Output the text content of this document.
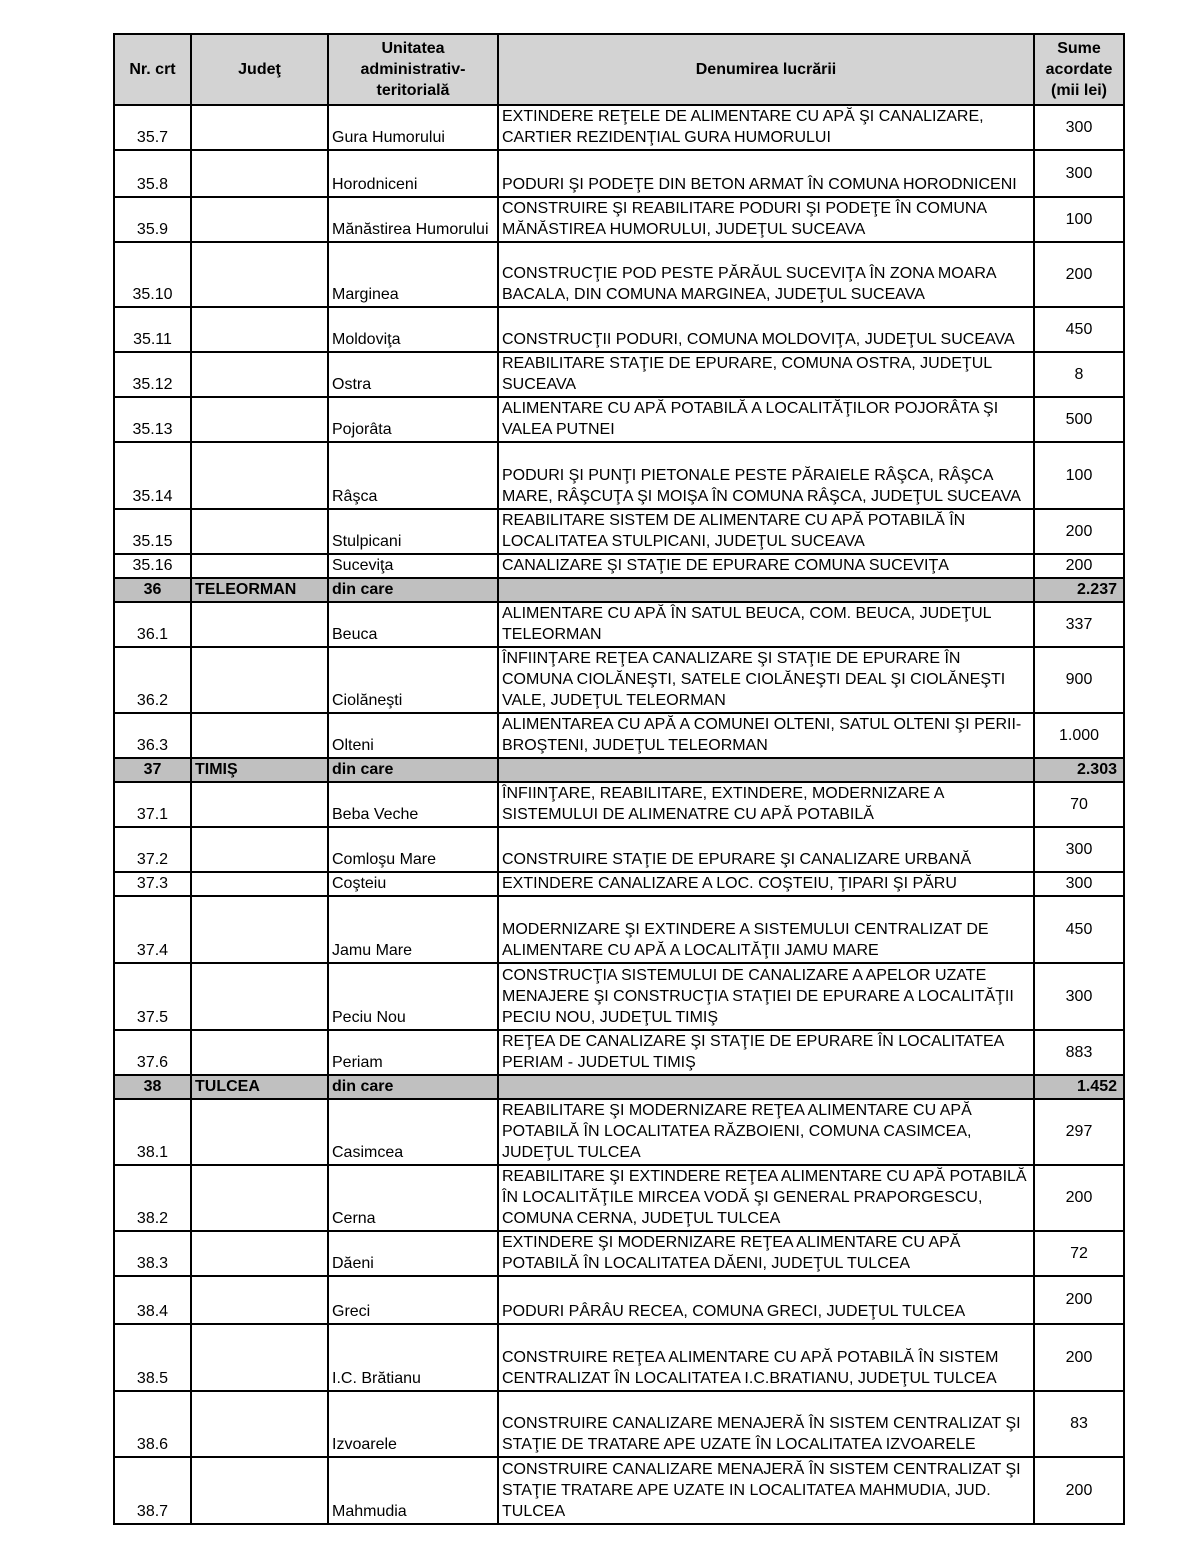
Nr. crt	Judeţ	Unitatea administrativ-teritorială	Denumirea lucrării	Sume acordate (mii lei)
35.7		Gura Humorului	EXTINDERE REŢELE DE ALIMENTARE CU APĂ ŞI CANALIZARE, CARTIER REZIDENŢIAL GURA HUMORULUI	300
35.8		Horodniceni	PODURI ŞI PODEŢE DIN BETON ARMAT ÎN COMUNA HORODNICENI	300
35.9		Mănăstirea Humorului	CONSTRUIRE ŞI REABILITARE PODURI ŞI PODEŢE ÎN COMUNA MĂNĂSTIREA HUMORULUI, JUDEŢUL SUCEAVA	100
35.10		Marginea	CONSTRUCŢIE POD PESTE PĂRĂUL SUCEVIŢA ÎN ZONA MOARA BACALA, DIN COMUNA MARGINEA, JUDEŢUL SUCEAVA	200
35.11		Moldoviţa	CONSTRUCŢII PODURI, COMUNA MOLDOVIŢA, JUDEŢUL SUCEAVA	450
35.12		Ostra	REABILITARE STAŢIE DE EPURARE, COMUNA OSTRA, JUDEŢUL SUCEAVA	8
35.13		Pojorâta	ALIMENTARE CU APĂ POTABILĂ A LOCALITĂŢILOR POJORÂTA ŞI VALEA PUTNEI	500
35.14		Râşca	PODURI ŞI PUNŢI PIETONALE PESTE PĂRAIELE RÂŞCA, RÂŞCA MARE, RÂŞCUŢA ŞI MOIŞA ÎN COMUNA RÂŞCA, JUDEŢUL SUCEAVA	100
35.15		Stulpicani	REABILITARE SISTEM DE ALIMENTARE CU APĂ POTABILĂ ÎN LOCALITATEA STULPICANI, JUDEŢUL SUCEAVA	200
35.16		Suceviţa	CANALIZARE ŞI STAŢIE DE EPURARE COMUNA SUCEVIŢA	200
36	TELEORMAN	din care		2.237
36.1		Beuca	ALIMENTARE CU APĂ ÎN SATUL BEUCA, COM. BEUCA, JUDEŢUL TELEORMAN	337
36.2		Ciolăneşti	ÎNFIINŢARE REŢEA CANALIZARE ŞI STAŢIE DE EPURARE ÎN COMUNA CIOLĂNEŞTI, SATELE CIOLĂNEŞTI DEAL ŞI CIOLĂNEŞTI VALE, JUDEŢUL TELEORMAN	900
36.3		Olteni	ALIMENTAREA CU APĂ A COMUNEI OLTENI, SATUL OLTENI ŞI PERII-BROŞTENI, JUDEŢUL TELEORMAN	1.000
37	TIMIŞ	din care		2.303
37.1		Beba Veche	ÎNFIINŢARE, REABILITARE, EXTINDERE, MODERNIZARE A SISTEMULUI DE ALIMENATRE CU APĂ POTABILĂ	70
37.2		Comloşu Mare	CONSTRUIRE STAŢIE DE EPURARE ŞI CANALIZARE URBANĂ	300
37.3		Coşteiu	EXTINDERE CANALIZARE A LOC. COŞTEIU, ŢIPARI ŞI PĂRU	300
37.4		Jamu Mare	MODERNIZARE ŞI EXTINDERE A SISTEMULUI CENTRALIZAT DE ALIMENTARE CU APĂ A LOCALITĂŢII JAMU MARE	450
37.5		Peciu Nou	CONSTRUCŢIA SISTEMULUI DE CANALIZARE A APELOR UZATE MENAJERE ŞI CONSTRUCŢIA STAŢIEI DE EPURARE A LOCALITĂŢII PECIU NOU, JUDEŢUL TIMIŞ	300
37.6		Periam	REŢEA DE CANALIZARE ŞI STAŢIE DE EPURARE ÎN LOCALITATEA PERIAM - JUDETUL TIMIŞ	883
38	TULCEA	din care		1.452
38.1		Casimcea	REABILITARE ŞI MODERNIZARE REŢEA ALIMENTARE CU APĂ POTABILĂ ÎN LOCALITATEA RĂZBOIENI, COMUNA CASIMCEA, JUDEŢUL TULCEA	297
38.2		Cerna	REABILITARE ŞI EXTINDERE REŢEA ALIMENTARE CU APĂ POTABILĂ ÎN LOCALITĂŢILE MIRCEA VODĂ ŞI GENERAL PRAPORGESCU, COMUNA CERNA, JUDEŢUL TULCEA	200
38.3		Dăeni	EXTINDERE ŞI MODERNIZARE REŢEA ALIMENTARE CU APĂ POTABILĂ ÎN LOCALITATEA DĂENI, JUDEŢUL TULCEA	72
38.4		Greci	PODURI PÂRÂU RECEA, COMUNA GRECI, JUDEŢUL TULCEA	200
38.5		I.C. Brătianu	CONSTRUIRE REŢEA ALIMENTARE CU APĂ POTABILĂ ÎN SISTEM CENTRALIZAT ÎN LOCALITATEA I.C.BRATIANU, JUDEŢUL TULCEA	200
38.6		Izvoarele	CONSTRUIRE CANALIZARE MENAJERĂ ÎN SISTEM CENTRALIZAT ŞI STAŢIE DE TRATARE APE UZATE ÎN LOCALITATEA IZVOARELE	83
38.7		Mahmudia	CONSTRUIRE CANALIZARE MENAJERĂ ÎN SISTEM CENTRALIZAT ŞI STAŢIE TRATARE APE UZATE IN LOCALITATEA MAHMUDIA, JUD. TULCEA	200
